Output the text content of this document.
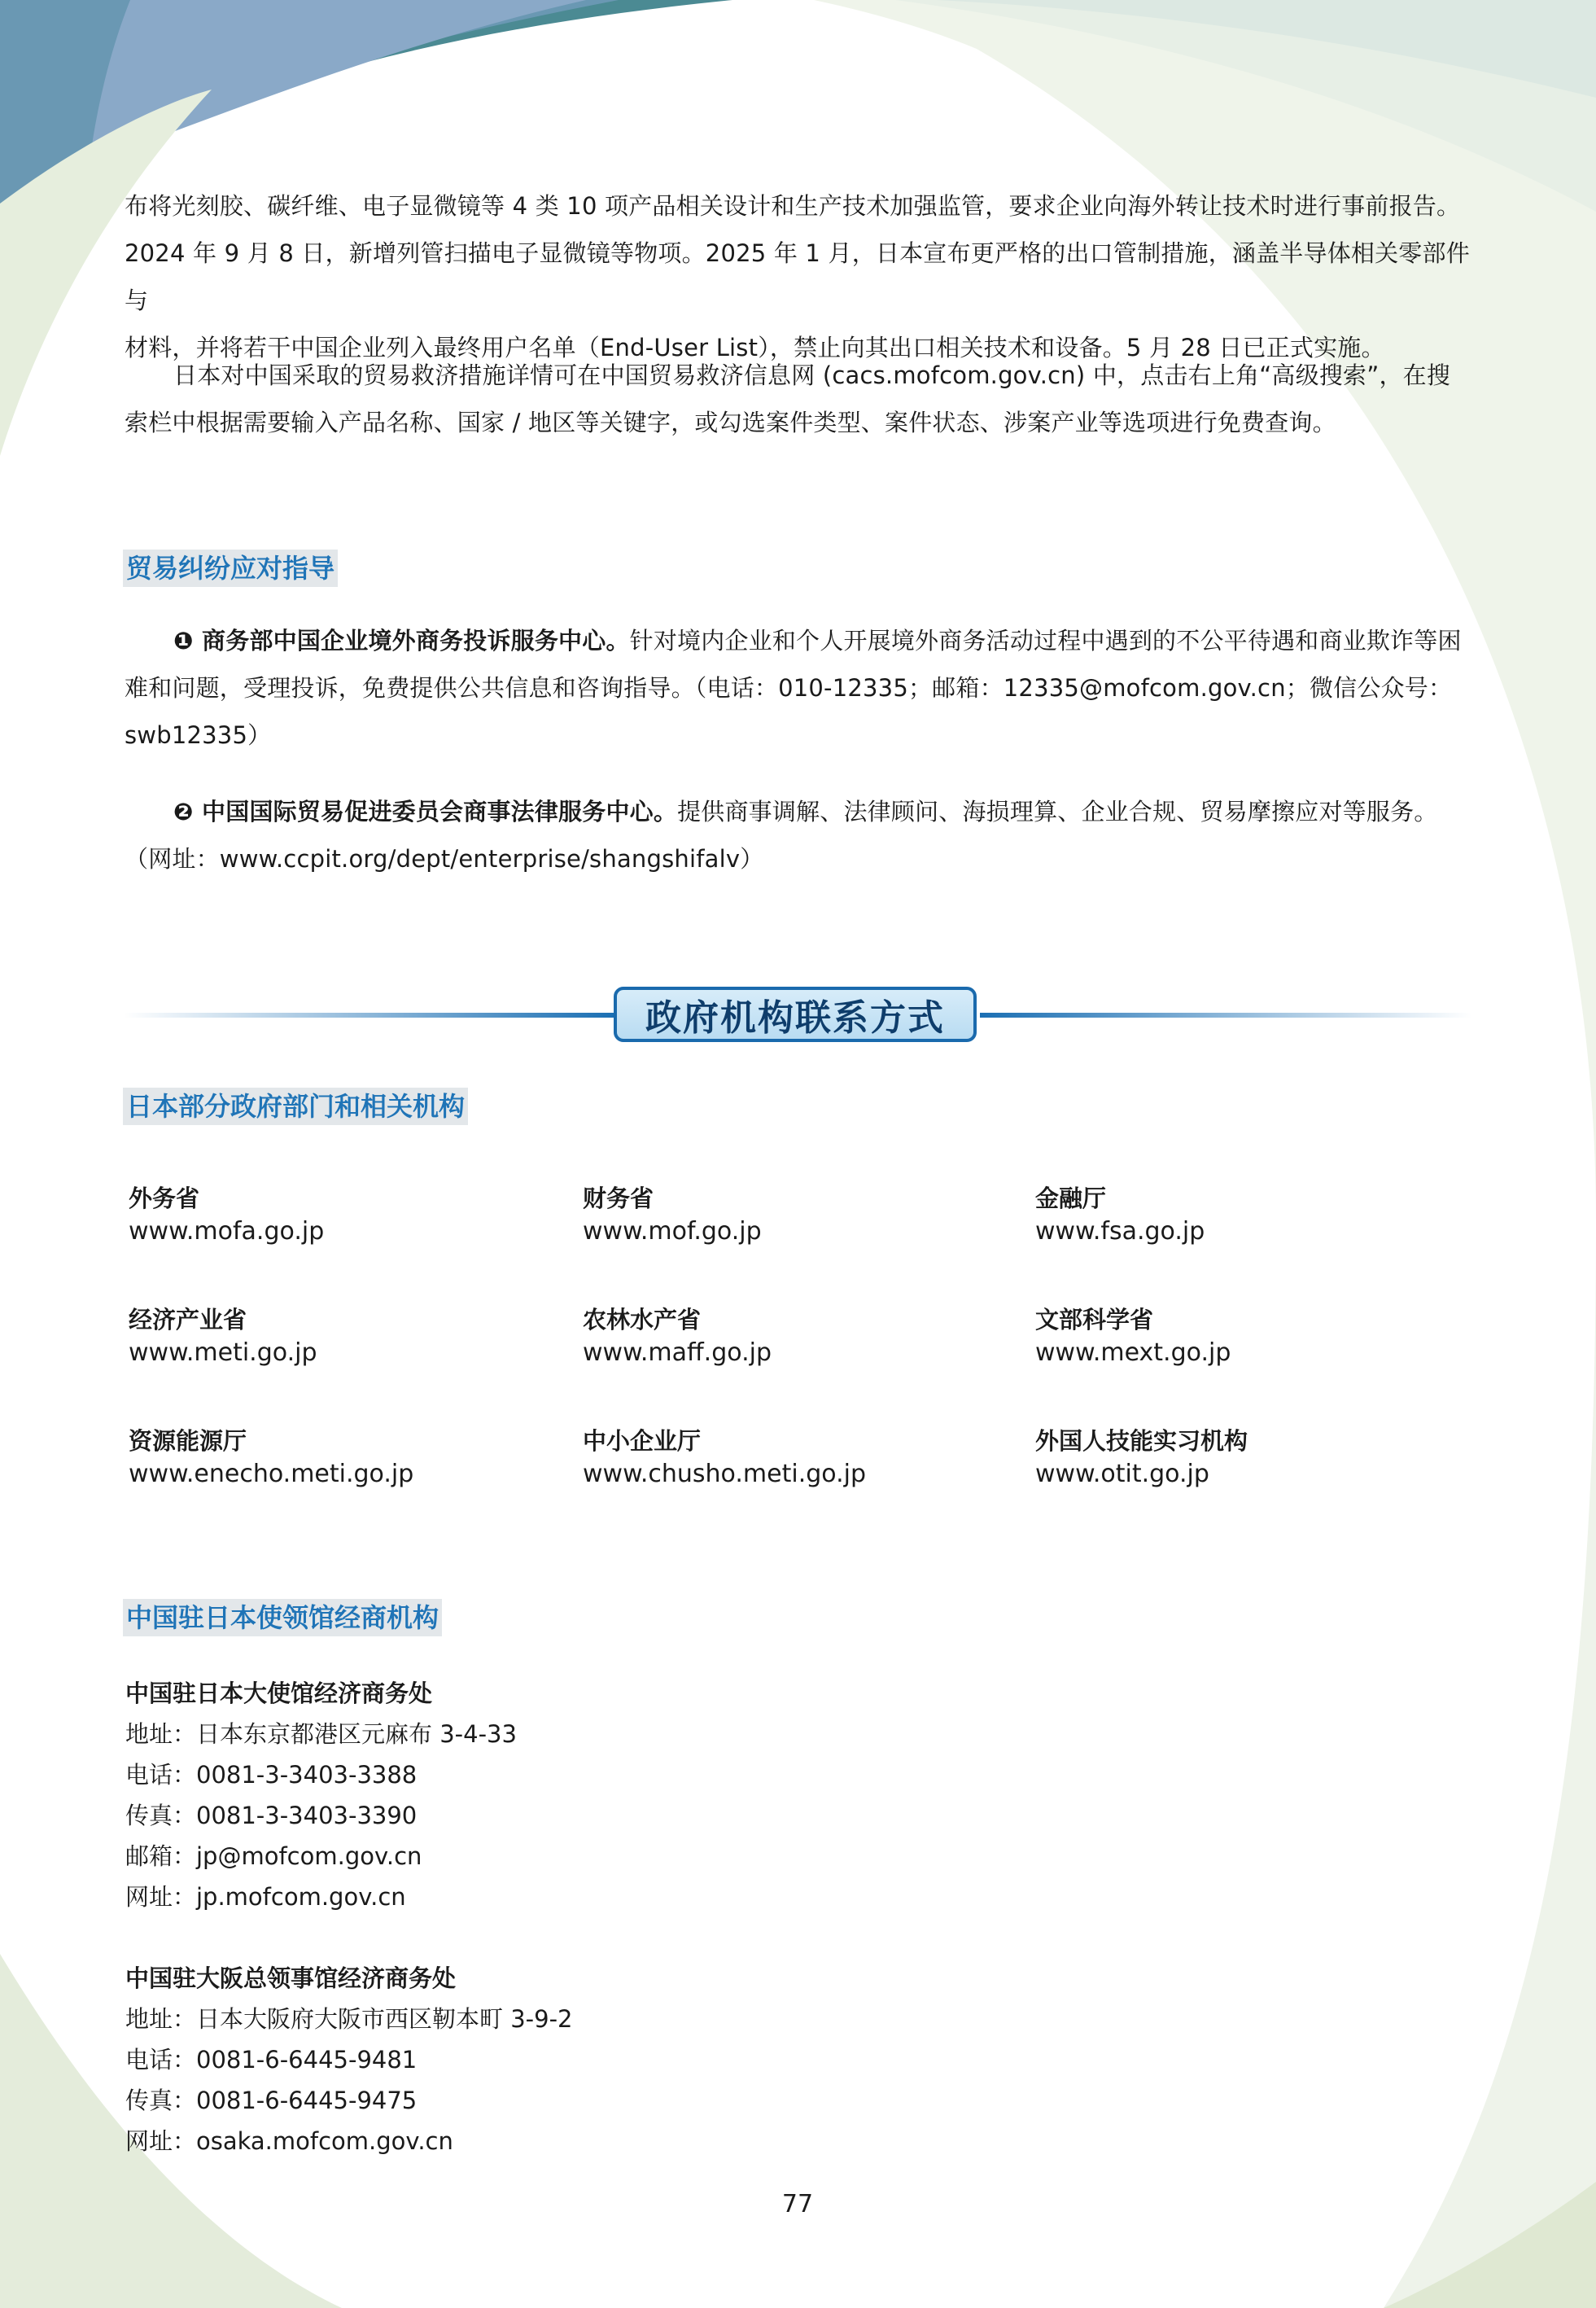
布将光刻胶、碳纤维、电子显微镜等 4 类 10 项产品相关设计和生产技术加强监管，要求企业向海外转让技术时进行事前报告。
2024 年 9 月 8 日，新增列管扫描电子显微镜等物项。2025 年 1 月，日本宣布更严格的出口管制措施，涵盖半导体相关零部件与
材料，并将若干中国企业列入最终用户名单（End-User List），禁止向其出口相关技术和设备。5 月 28 日已正式实施。

日本对中国采取的贸易救济措施详情可在中国贸易救济信息网 (cacs.mofcom.gov.cn) 中，点击右上角“高级搜索”，在搜索栏中根据需要输入产品名称、国家 / 地区等关键字，或勾选案件类型、案件状态、涉案产业等选项进行免费查询。

贸易纠纷应对指导

❶ 商务部中国企业境外商务投诉服务中心。针对境内企业和个人开展境外商务活动过程中遇到的不公平待遇和商业欺诈等困难和问题，受理投诉，免费提供公共信息和咨询指导。（电话：010-12335；邮箱：12335@mofcom.gov.cn；微信公众号：swb12335）

❷ 中国国际贸易促进委员会商事法律服务中心。提供商事调解、法律顾问、海损理算、企业合规、贸易摩擦应对等服务。（网址：www.ccpit.org/dept/enterprise/shangshifalv）

政府机构联系方式
日本部分政府部门和相关机构
外务省
www.mofa.go.jp
财务省
www.mof.go.jp
金融厅
www.fsa.go.jp
经济产业省
www.meti.go.jp
农林水产省
www.maff.go.jp
文部科学省
www.mext.go.jp
资源能源厅
www.enecho.meti.go.jp
中小企业厅
www.chusho.meti.go.jp
外国人技能实习机构
www.otit.go.jp
中国驻日本使领馆经商机构
中国驻日本大使馆经济商务处
地址：日本东京都港区元麻布 3-4-33
电话：0081-3-3403-3388
传真：0081-3-3403-3390
邮箱：jp@mofcom.gov.cn
网址：jp.mofcom.gov.cn
中国驻大阪总领事馆经济商务处
地址：日本大阪府大阪市西区靭本町 3-9-2
电话：0081-6-6445-9481
传真：0081-6-6445-9475
网址：osaka.mofcom.gov.cn
77
